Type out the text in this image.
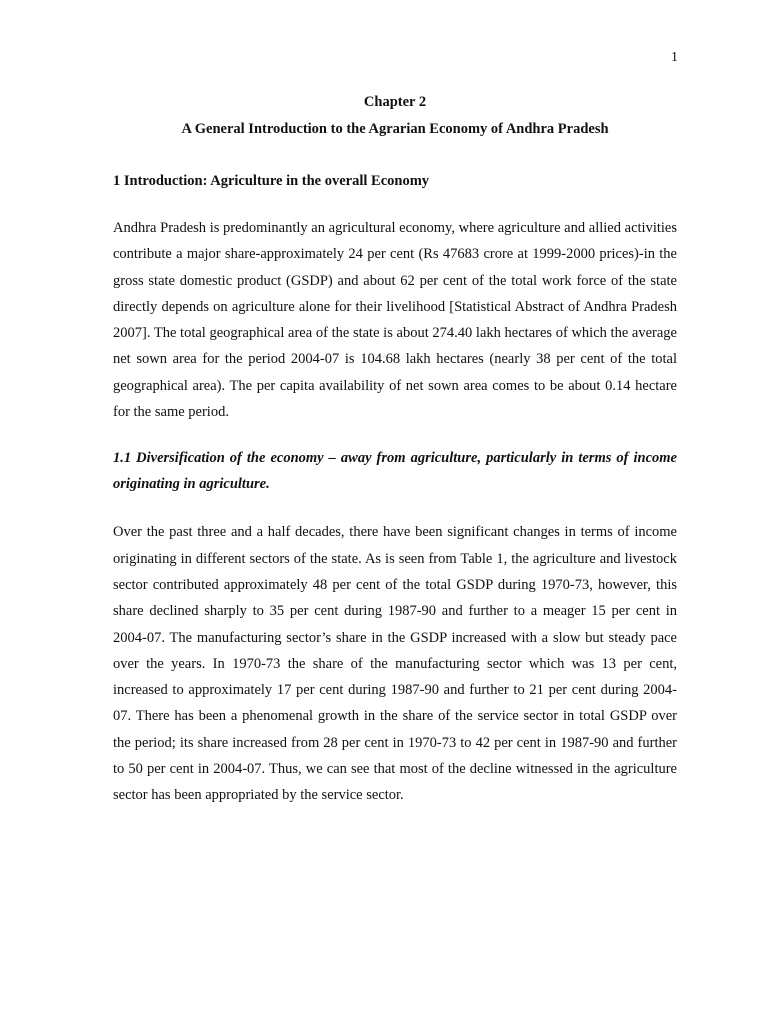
1

Chapter 2

A General Introduction to the Agrarian Economy of Andhra Pradesh

1 Introduction: Agriculture in the overall Economy

Andhra Pradesh is predominantly an agricultural economy, where agriculture and allied activities contribute a major share-approximately 24 per cent (Rs 47683 crore at 1999-2000 prices)-in the gross state domestic product (GSDP) and about 62 per cent of the total work force of the state directly depends on agriculture alone for their livelihood [Statistical Abstract of Andhra Pradesh 2007]. The total geographical area of the state is about 274.40 lakh hectares of which the average net sown area for the period 2004-07 is 104.68 lakh hectares (nearly 38 per cent of the total geographical area). The per capita availability of net sown area comes to be about 0.14 hectare for the same period.

1.1 Diversification of the economy – away from agriculture, particularly in terms of income originating in agriculture.

Over the past three and a half decades, there have been significant changes in terms of income originating in different sectors of the state. As is seen from Table 1, the agriculture and livestock sector contributed approximately 48 per cent of the total GSDP during 1970-73, however, this share declined sharply to 35 per cent during 1987-90 and further to a meager 15 per cent in 2004-07. The manufacturing sector’s share in the GSDP increased with a slow but steady pace over the years. In 1970-73 the share of the manufacturing sector which was 13 per cent, increased to approximately 17 per cent during 1987-90 and further to 21 per cent during 2004-07. There has been a phenomenal growth in the share of the service sector in total GSDP over the period; its share increased from 28 per cent in 1970-73 to 42 per cent in 1987-90 and further to 50 per cent in 2004-07. Thus, we can see that most of the decline witnessed in the agriculture sector has been appropriated by the service sector.
